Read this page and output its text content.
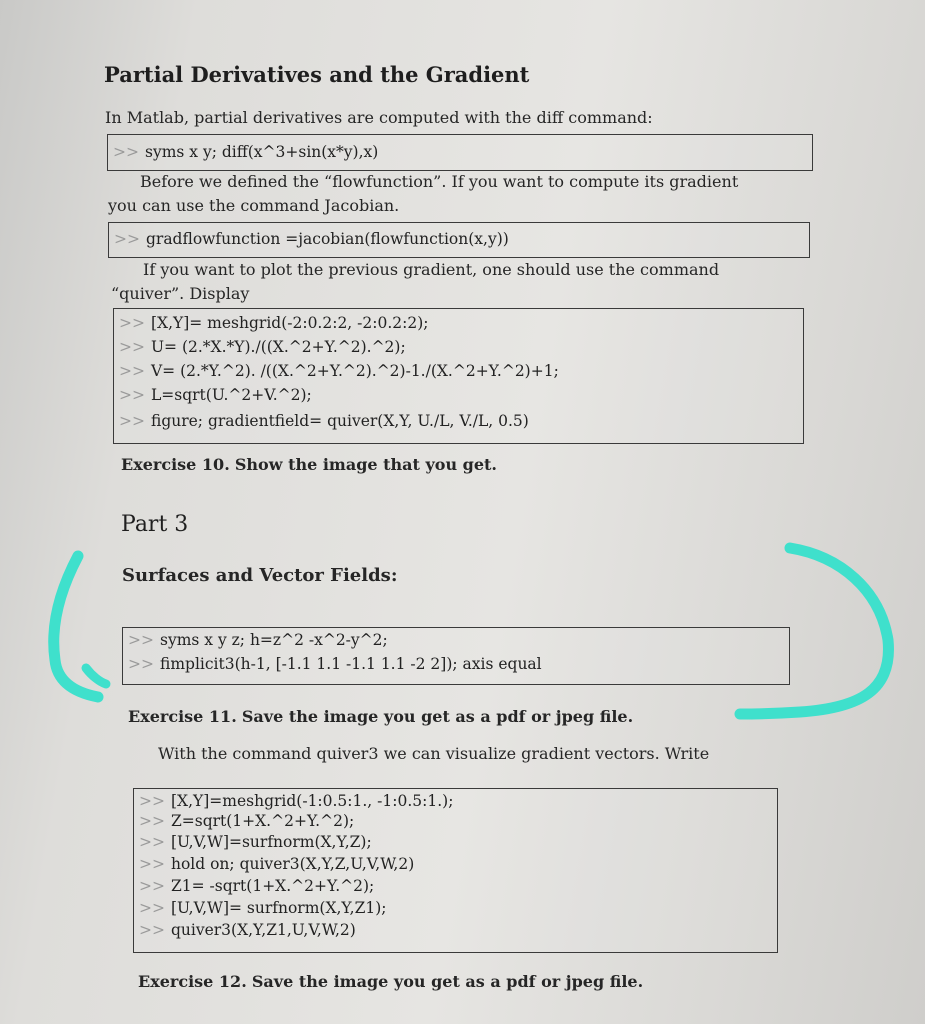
Partial Derivatives and the Gradient
In Matlab, partial derivatives are computed with the diff command:
>> syms x y; diff(x^3+sin(x*y),x)
Before we defined the “flowfunction”. If you want to compute its gradient
you can use the command Jacobian.
>> gradflowfunction =jacobian(flowfunction(x,y))
If you want to plot the previous gradient, one should use the command
“quiver”. Display
>> [X,Y]= meshgrid(-2:0.2:2, -2:0.2:2);
>> U= (2.*X.*Y)./((X.^2+Y.^2).^2);
>> V= (2.*Y.^2). /((X.^2+Y.^2).^2)-1./(X.^2+Y.^2)+1;
>> L=sqrt(U.^2+V.^2);
>> figure; gradientfield= quiver(X,Y, U./L, V./L, 0.5)
Exercise 10. Show the image that you get.
Part 3
Surfaces and Vector Fields:
>> syms x y z; h=z^2 -x^2-y^2;
>> fimplicit3(h-1, [-1.1 1.1 -1.1 1.1 -2 2]); axis equal
Exercise 11. Save the image you get as a pdf or jpeg file.
With the command quiver3 we can visualize gradient vectors. Write
>> [X,Y]=meshgrid(-1:0.5:1., -1:0.5:1.);
>> Z=sqrt(1+X.^2+Y.^2);
>> [U,V,W]=surfnorm(X,Y,Z);
>> hold on; quiver3(X,Y,Z,U,V,W,2)
>> Z1= -sqrt(1+X.^2+Y.^2);
>> [U,V,W]= surfnorm(X,Y,Z1);
>> quiver3(X,Y,Z1,U,V,W,2)
Exercise 12. Save the image you get as a pdf or jpeg file.
